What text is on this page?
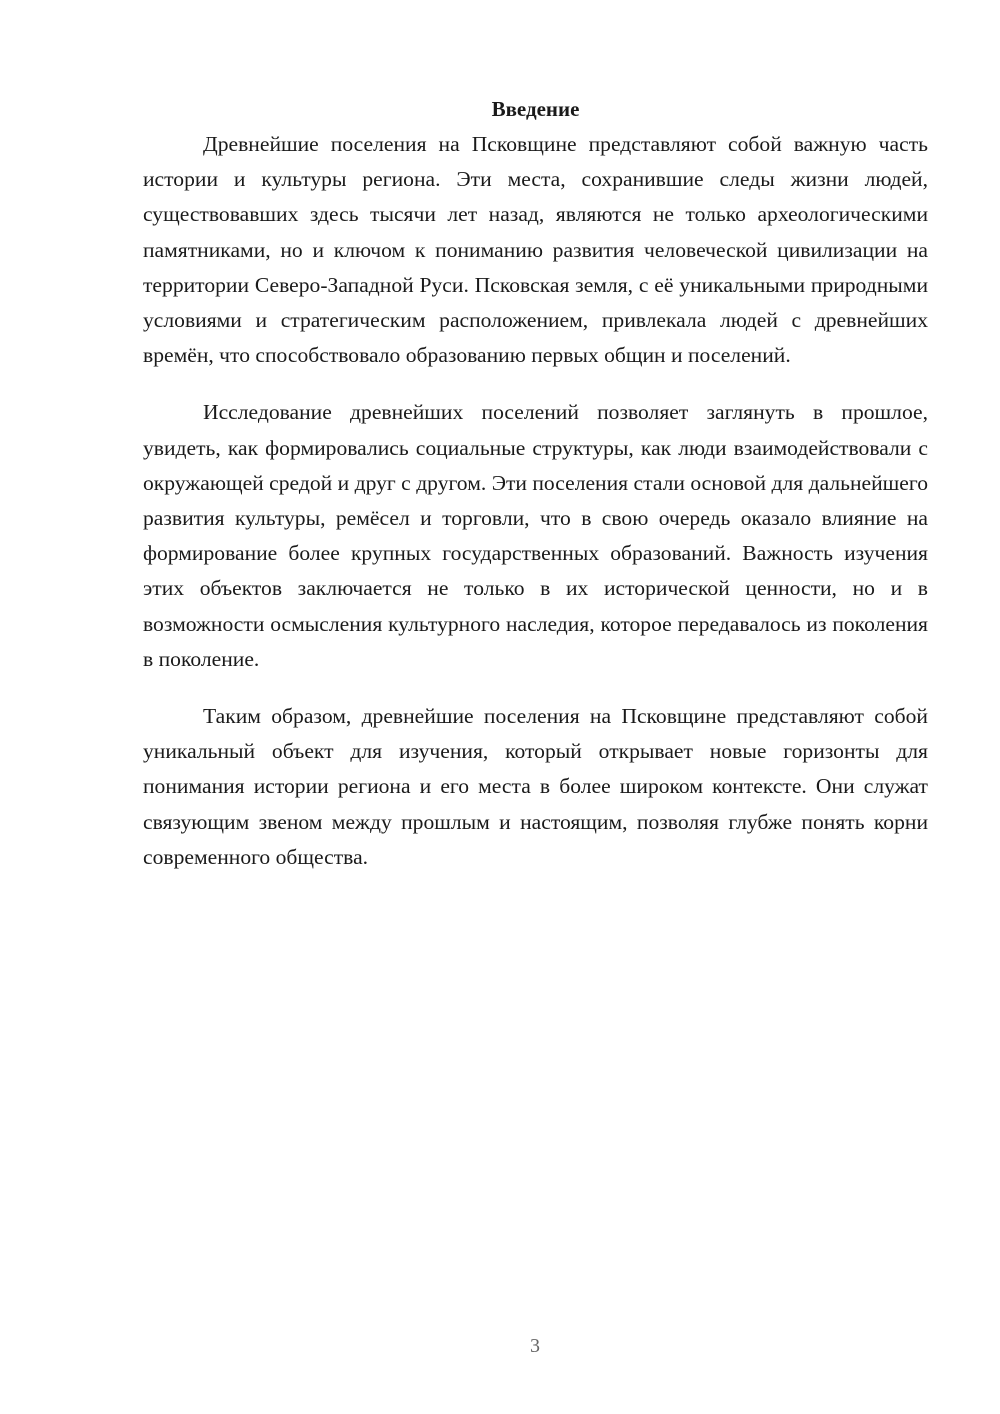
Введение

Древнейшие поселения на Псковщине представляют собой важную часть истории и культуры региона. Эти места, сохранившие следы жизни людей, существовавших здесь тысячи лет назад, являются не только археологическими памятниками, но и ключом к пониманию развития человеческой цивилизации на территории Северо-Западной Руси. Псковская земля, с её уникальными природными условиями и стратегическим расположением, привлекала людей с древнейших времён, что способствовало образованию первых общин и поселений.

Исследование древнейших поселений позволяет заглянуть в прошлое, увидеть, как формировались социальные структуры, как люди взаимодействовали с окружающей средой и друг с другом. Эти поселения стали основой для дальнейшего развития культуры, ремёсел и торговли, что в свою очередь оказало влияние на формирование более крупных государственных образований. Важность изучения этих объектов заключается не только в их исторической ценности, но и в возможности осмысления культурного наследия, которое передавалось из поколения в поколение.

Таким образом, древнейшие поселения на Псковщине представляют собой уникальный объект для изучения, который открывает новые горизонты для понимания истории региона и его места в более широком контексте. Они служат связующим звеном между прошлым и настоящим, позволяя глубже понять корни современного общества.

3
